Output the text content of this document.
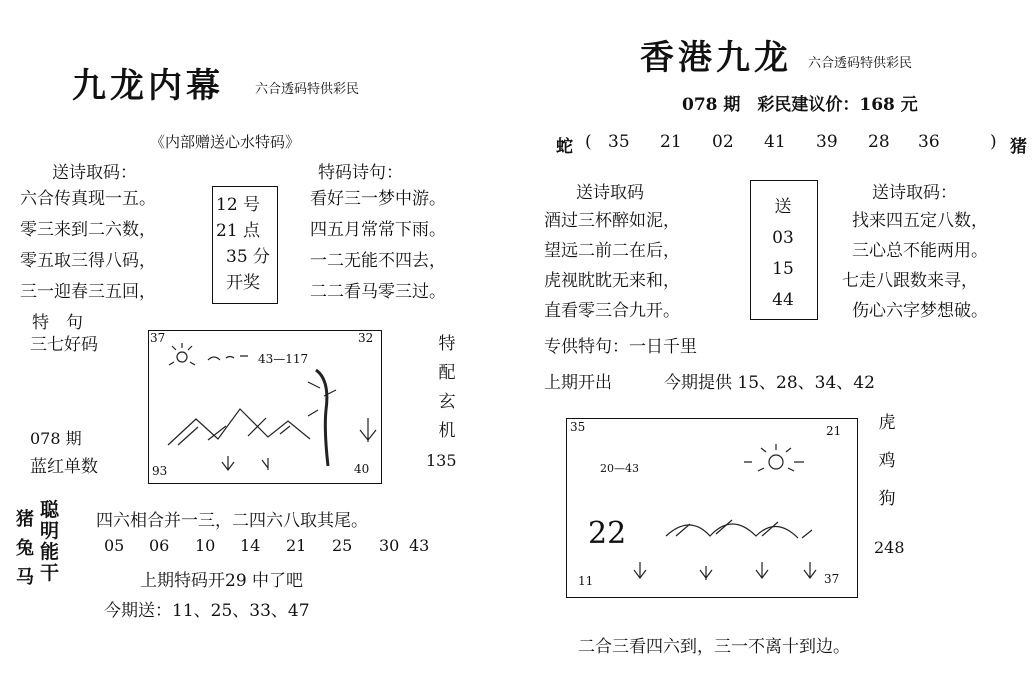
九龙内幕 六合透码特供彩民
《内部赠送心水特码》
送诗取码：
六合传真现一五。
零三来到二六数，
零五取三得八码，
三一迎春三五回，
12 号
21 点
35 分
开奖
特码诗句：
看好三一梦中游。
四五月常常下雨。
一二无能不四去，
二二看马零三过。
特　句
三七好码
078 期
蓝红单数
37	32
93	40
43—117
特
配
玄
机
135
猪
兔
马
聪
明
能
干
四六相合并一三，二四六八取其尾。
05 06 10 14 21 25 30 43
上期特码开29 中了吧
今期送：11、25、33、47
香港九龙 六合透码特供彩民
078 期　彩民建议价：168 元
蛇 ( 35 21 02 41 39 28 36	) 猪
送诗取码
酒过三杯醉如泥，
望远二前二在后，
虎视眈眈无来和，
直看零三合九开。
送
03
15
44
送诗取码：
找来四五定八数，
三心总不能两用。
七走八跟数来寻，
伤心六字梦想破。
专供特句：一日千里
上期开出	今期提供 15、28、34、42
35	21
11	37
20—43
22
虎
鸡
狗
248
二合三看四六到，三一不离十到边。
